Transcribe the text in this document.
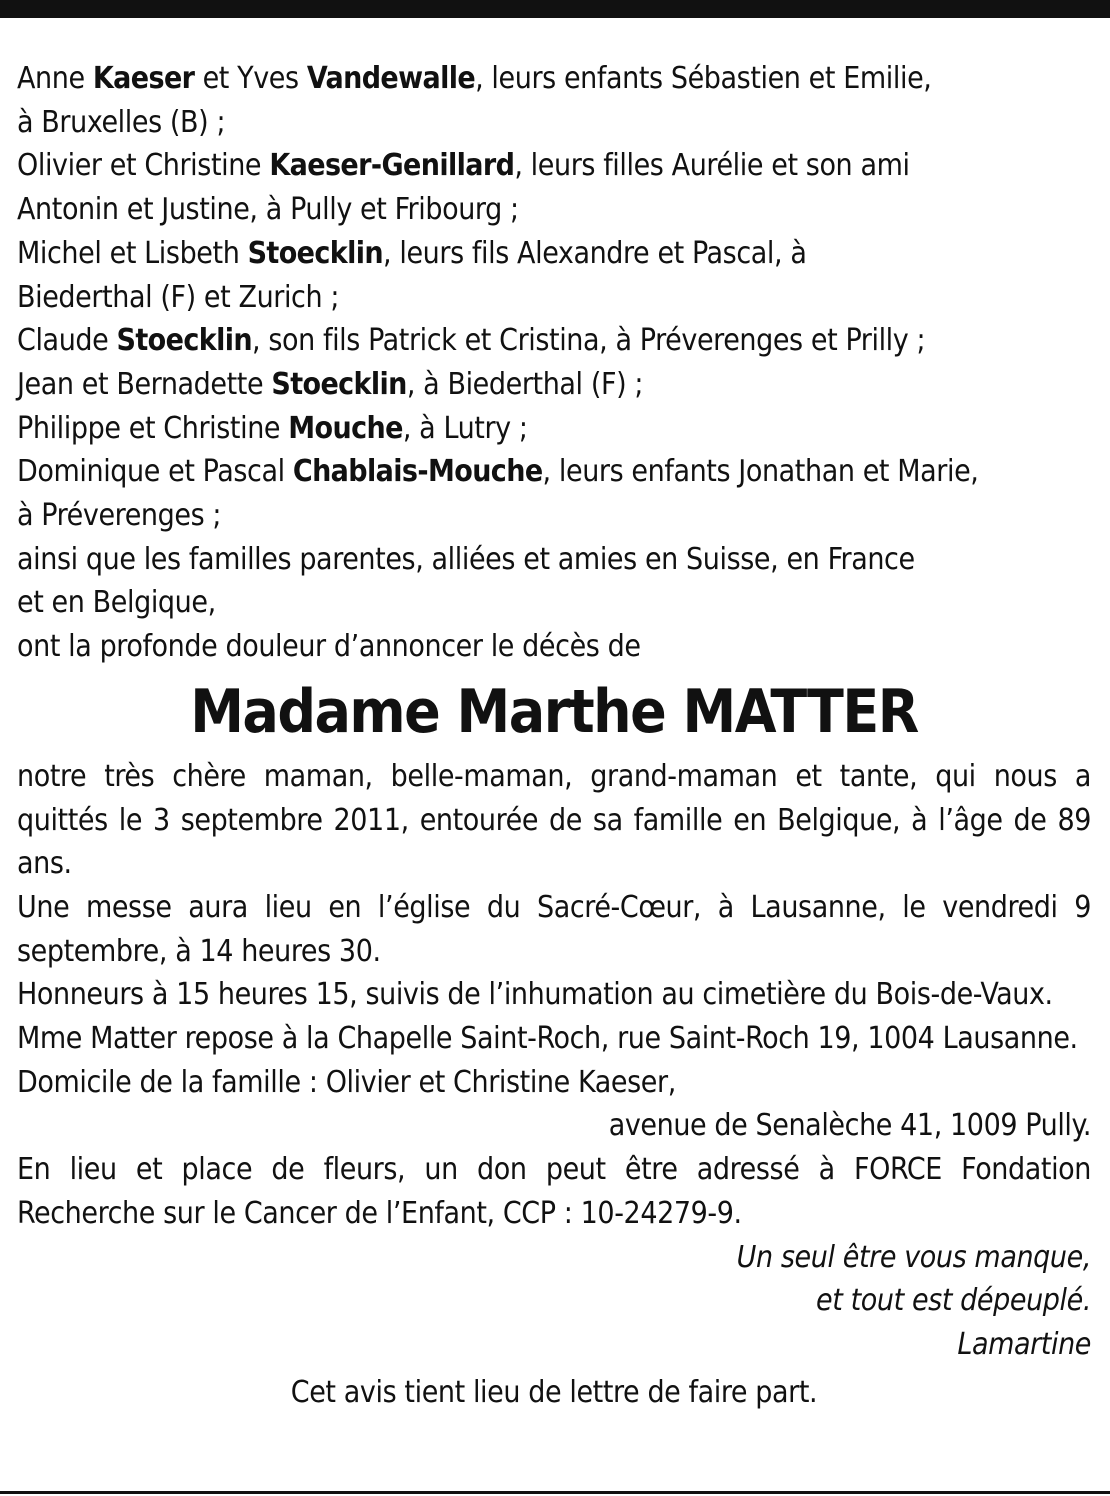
Anne Kaeser et Yves Vandewalle, leurs enfants Sébastien et Emilie,
à Bruxelles (B) ;

Olivier et Christine Kaeser-Genillard, leurs filles Aurélie et son ami
Antonin et Justine, à Pully et Fribourg ;

Michel et Lisbeth Stoecklin, leurs fils Alexandre et Pascal, à
Biederthal (F) et Zurich ;

Claude Stoecklin, son fils Patrick et Cristina, à Préverenges et Prilly ;

Jean et Bernadette Stoecklin, à Biederthal (F) ;

Philippe et Christine Mouche, à Lutry ;

Dominique et Pascal Chablais-Mouche, leurs enfants Jonathan et Marie,
à Préverenges ;

ainsi que les familles parentes, alliées et amies en Suisse, en France
et en Belgique,

ont la profonde douleur d’annoncer le décès de

Madame Marthe MATTER

notre très chère maman, belle-maman, grand-maman et tante, qui nous a quittés le 3 septembre 2011, entourée de sa famille en Belgique, à l’âge de 89 ans.

Une messe aura lieu en l’église du Sacré-Cœur, à Lausanne, le vendredi 9 septembre, à 14 heures 30.

Honneurs à 15 heures 15, suivis de l’inhumation au cimetière du Bois-de-Vaux.

Mme Matter repose à la Chapelle Saint-Roch, rue Saint-Roch 19, 1004 Lausanne.

Domicile de la famille : Olivier et Christine Kaeser,

avenue de Senalèche 41, 1009 Pully.

En lieu et place de fleurs, un don peut être adressé à FORCE Fondation Recherche sur le Cancer de l’Enfant, CCP : 10-24279-9.

Un seul être vous manque,

et tout est dépeuplé.

Lamartine

Cet avis tient lieu de lettre de faire part.
